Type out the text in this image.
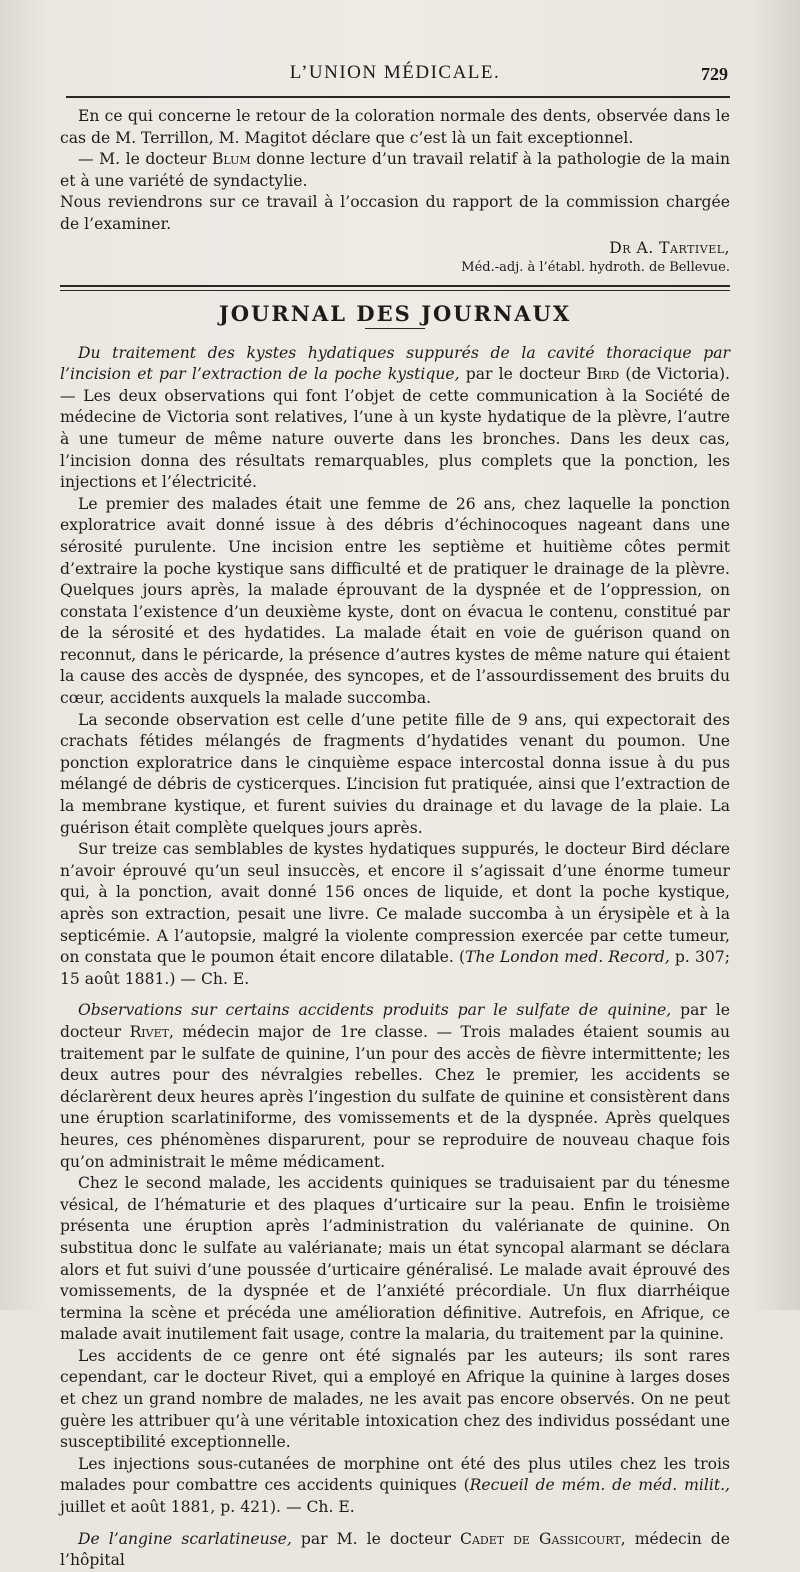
L’UNION MÉDICALE.	729

En ce qui concerne le retour de la coloration normale des dents, observée dans le cas de M. Terrillon, M. Magitot déclare que c’est là un fait exceptionnel.

— M. le docteur Blum donne lecture d’un travail relatif à la pathologie de la main et à une variété de syndactylie.

Nous reviendrons sur ce travail à l’occasion du rapport de la commission chargée de l’examiner.

Dr A. Tartivel,
Méd.-adj. à l’établ. hydroth. de Bellevue.
JOURNAL DES JOURNAUX

Du traitement des kystes hydatiques suppurés de la cavité thoracique par l’incision et par l’extraction de la poche kystique, par le docteur Bird (de Victoria). — Les deux observations qui font l’objet de cette communication à la Société de médecine de Victoria sont relatives, l’une à un kyste hydatique de la plèvre, l’autre à une tumeur de même nature ouverte dans les bronches. Dans les deux cas, l’incision donna des résultats remarquables, plus complets que la ponction, les injections et l’électricité.

Le premier des malades était une femme de 26 ans, chez laquelle la ponction exploratrice avait donné issue à des débris d’échinocoques nageant dans une sérosité purulente. Une incision entre les septième et huitième côtes permit d’extraire la poche kystique sans difficulté et de pratiquer le drainage de la plèvre. Quelques jours après, la malade éprouvant de la dyspnée et de l’oppression, on constata l’existence d’un deuxième kyste, dont on évacua le contenu, constitué par de la sérosité et des hydatides. La malade était en voie de guérison quand on reconnut, dans le péricarde, la présence d’autres kystes de même nature qui étaient la cause des accès de dyspnée, des syncopes, et de l’assourdissement des bruits du cœur, accidents auxquels la malade succomba.

La seconde observation est celle d’une petite fille de 9 ans, qui expectorait des crachats fétides mélangés de fragments d’hydatides venant du poumon. Une ponction exploratrice dans le cinquième espace intercostal donna issue à du pus mélangé de débris de cysticerques. L’incision fut pratiquée, ainsi que l’extraction de la membrane kystique, et furent suivies du drainage et du lavage de la plaie. La guérison était complète quelques jours après.

Sur treize cas semblables de kystes hydatiques suppurés, le docteur Bird déclare n’avoir éprouvé qu’un seul insuccès, et encore il s’agissait d’une énorme tumeur qui, à la ponction, avait donné 156 onces de liquide, et dont la poche kystique, après son extraction, pesait une livre. Ce malade succomba à un érysipèle et à la septicémie. A l’autopsie, malgré la violente compression exercée par cette tumeur, on constata que le poumon était encore dilatable. (The London med. Record, p. 307; 15 août 1881.) — Ch. E.

Observations sur certains accidents produits par le sulfate de quinine, par le docteur Rivet, médecin major de 1re classe. — Trois malades étaient soumis au traitement par le sulfate de quinine, l’un pour des accès de fièvre intermittente; les deux autres pour des névralgies rebelles. Chez le premier, les accidents se déclarèrent deux heures après l’ingestion du sulfate de quinine et consistèrent dans une éruption scarlatiniforme, des vomissements et de la dyspnée. Après quelques heures, ces phénomènes disparurent, pour se reproduire de nouveau chaque fois qu’on administrait le même médicament.

Chez le second malade, les accidents quiniques se traduisaient par du ténesme vésical, de l’hématurie et des plaques d’urticaire sur la peau. Enfin le troisième présenta une éruption après l’administration du valérianate de quinine. On substitua donc le sulfate au valérianate; mais un état syncopal alarmant se déclara alors et fut suivi d’une poussée d’urticaire généralisé. Le malade avait éprouvé des vomissements, de la dyspnée et de l’anxiété précordiale. Un flux diarrhéique termina la scène et précéda une amélioration définitive. Autrefois, en Afrique, ce malade avait inutilement fait usage, contre la malaria, du traitement par la quinine.

Les accidents de ce genre ont été signalés par les auteurs; ils sont rares cependant, car le docteur Rivet, qui a employé en Afrique la quinine à larges doses et chez un grand nombre de malades, ne les avait pas encore observés. On ne peut guère les attribuer qu’à une véritable intoxication chez des individus possédant une susceptibilité exceptionnelle.

Les injections sous-cutanées de morphine ont été des plus utiles chez les trois malades pour combattre ces accidents quiniques (Recueil de mém. de méd. milit., juillet et août 1881, p. 421). — Ch. E.

De l’angine scarlatineuse, par M. le docteur Cadet de Gassicourt, médecin de l’hôpital
